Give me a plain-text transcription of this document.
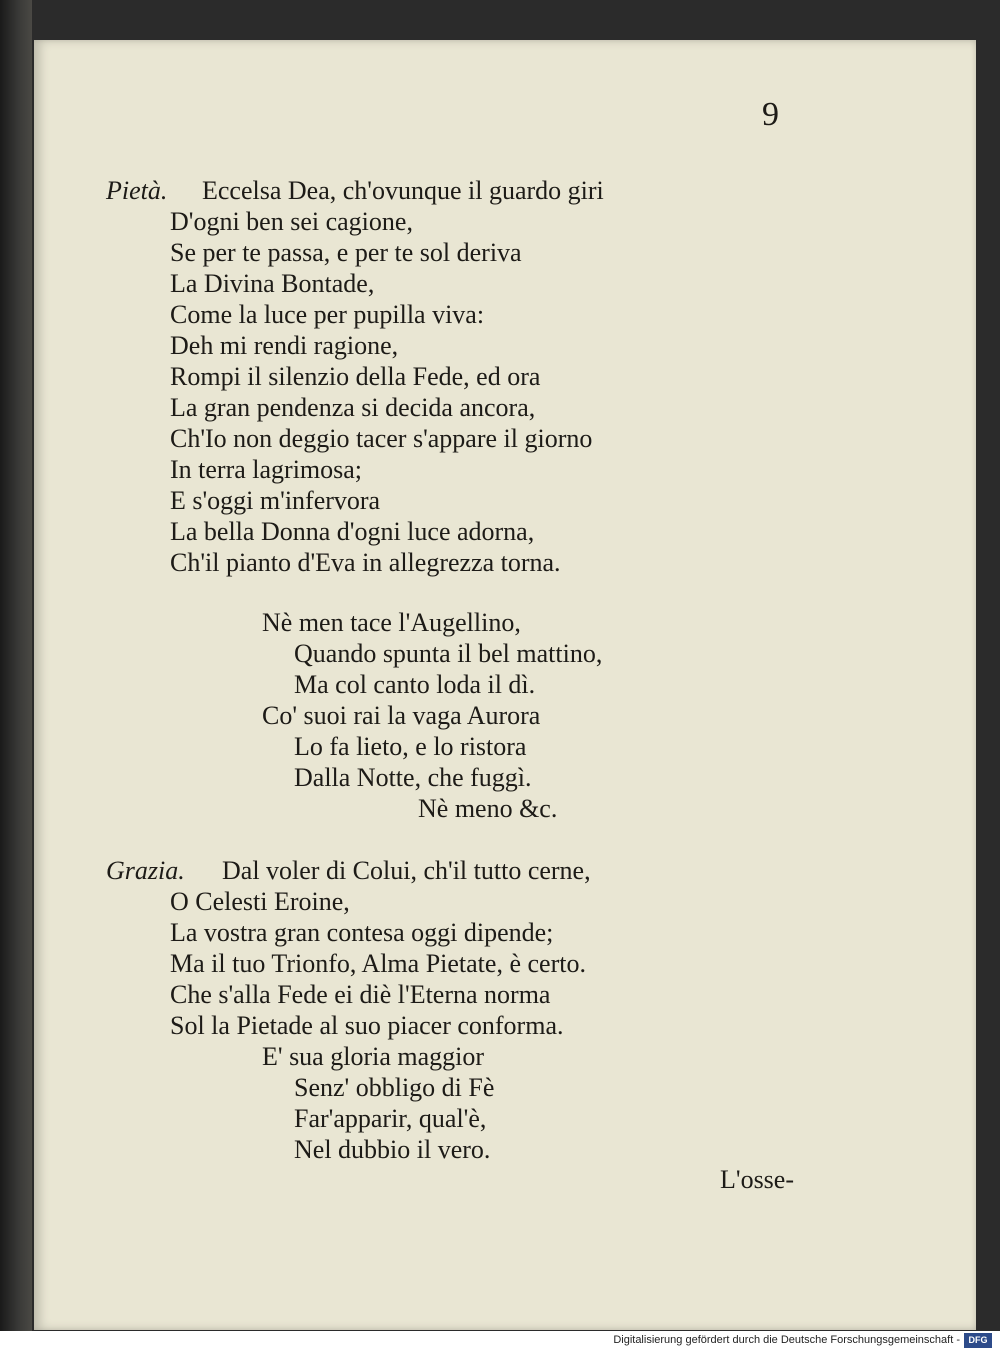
9
Pietà. Eccelsa Dea, ch'ovunque il guardo giri
D'ogni ben sei cagione,
Se per te passa, e per te sol deriva
La Divina Bontade,
Come la luce per pupilla viva:
Deh mi rendi ragione,
Rompi il silenzio della Fede, ed ora
La gran pendenza si decida ancora,
Ch'Io non deggio tacer s'appare il giorno
In terra lagrimosa;
E s'oggi m'infervora
La bella Donna d'ogni luce adorna,
Ch'il pianto d'Eva in allegrezza torna.
Nè men tace l'Augellino,
Quando spunta il bel mattino,
Ma col canto loda il dì.
Co' suoi rai la vaga Aurora
Lo fa lieto, e lo ristora
Dalla Notte, che fuggì.
Nè meno &c.
Grazia. Dal voler di Colui, ch'il tutto cerne,
O Celesti Eroine,
La vostra gran contesa oggi dipende;
Ma il tuo Trionfo, Alma Pietate, è certo.
Che s'alla Fede ei diè l'Eterna norma
Sol la Pietade al suo piacer conforma.
E' sua gloria maggior
Senz' obbligo di Fè
Far'apparir, qual'è,
Nel dubbio il vero.
L'osse-
Digitalisierung gefördert durch die Deutsche Forschungsgemeinschaft - DFG
